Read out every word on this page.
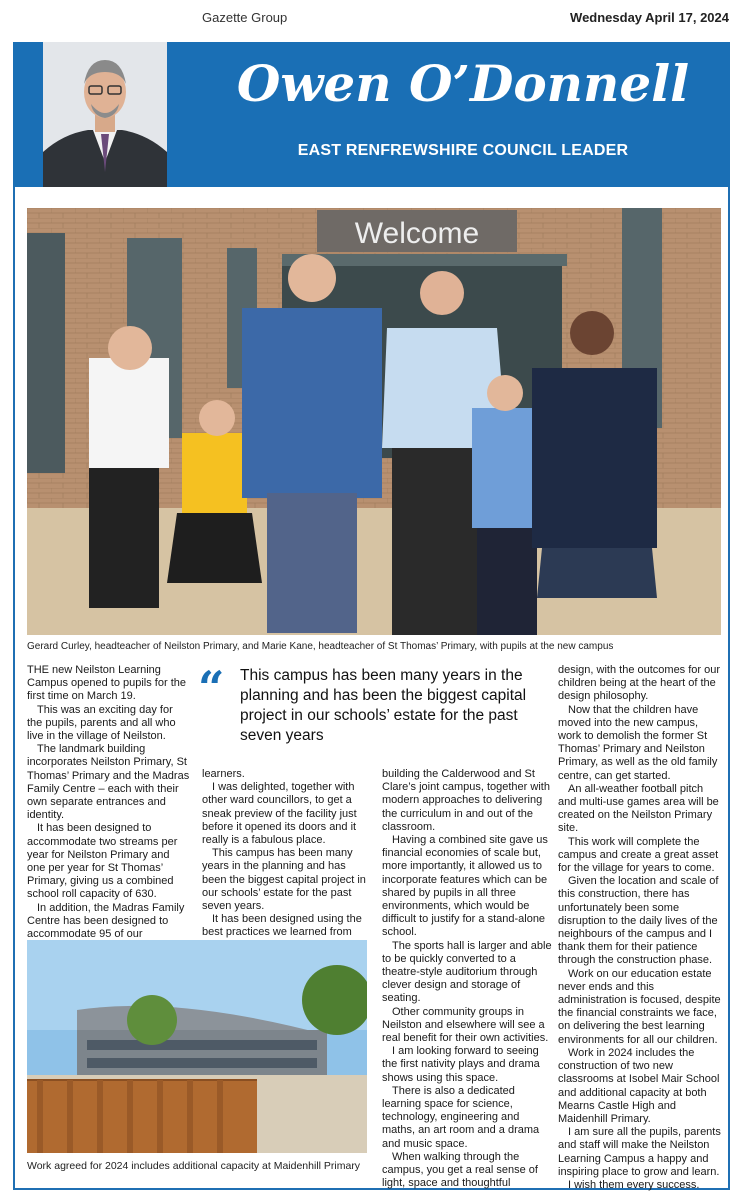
Gazette Group	Wednesday April 17, 2024
Owen O’Donnell
EAST RENFREWSHIRE COUNCIL LEADER
Welcome
Gerard Curley, headteacher of Neilston Primary, and Marie Kane, headteacher of St Thomas’ Primary, with pupils at the new campus

THE new Neilston Learning Campus opened to pupils for the first time on March 19.

This was an exciting day for the pupils, parents and all who live in the village of Neilston.

The landmark building incorporates Neilston Primary, St Thomas’ Primary and the Madras Family Centre – each with their own separate entrances and identity.

It has been designed to accommodate two streams per year for Neilston Primary and one per year for St Thomas’ Primary, giving us a combined school roll capacity of 630.

In addition, the Madras Family Centre has been designed to accommodate 95 of our

“ This campus has been many years in the planning and has been the biggest capital project in our schools’ estate for the past seven years

learners.

I was delighted, together with other ward councillors, to get a sneak preview of the facility just before it opened its doors and it really is a fabulous place.

This campus has been many years in the planning and has been the biggest capital project in our schools’ estate for the past seven years.

It has been designed using the best practices we learned from

building the Calderwood and St Clare’s joint campus, together with modern approaches to delivering the curriculum in and out of the classroom.

Having a combined site gave us financial economies of scale but, more importantly, it allowed us to incorporate features which can be shared by pupils in all three environments, which would be difficult to justify for a stand-alone school.

The sports hall is larger and able to be quickly converted to a theatre-style auditorium through clever design and storage of seating.

Other community groups in Neilston and elsewhere will see a real benefit for their own activities.

I am looking forward to seeing the first nativity plays and drama shows using this space.

There is also a dedicated learning space for science, technology, engineering and maths, an art room and a drama and music space.

When walking through the campus, you get a real sense of light, space and thoughtful

design, with the outcomes for our children being at the heart of the design philosophy.

Now that the children have moved into the new campus, work to demolish the former St Thomas’ Primary and Neilston Primary, as well as the old family centre, can get started.

An all-weather football pitch and multi-use games area will be created on the Neilston Primary site.

This work will complete the campus and create a great asset for the village for years to come.

Given the location and scale of this construction, there has unfortunately been some disruption to the daily lives of the neighbours of the campus and I thank them for their patience through the construction phase.

Work on our education estate never ends and this administration is focused, despite the financial constraints we face, on delivering the best learning environments for all our children.

Work in 2024 includes the construction of two new classrooms at Isobel Mair School and additional capacity at both Mearns Castle High and Maidenhill Primary.

I am sure all the pupils, parents and staff will make the Neilston Learning Campus a happy and inspiring place to grow and learn.

I wish them every success.

Work agreed for 2024 includes additional capacity at Maidenhill Primary
